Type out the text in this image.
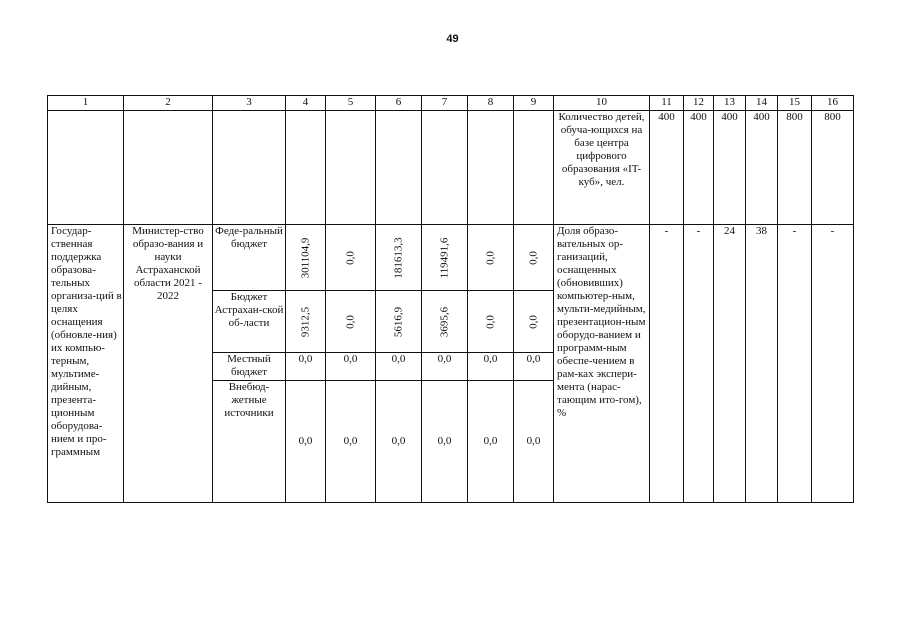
49
1	2	3	4	5	6	7	8	9	10	11	12	13	14	15	16
									Количество детей, обуча-ющихся на базе центра цифрового образования «IT-куб», чел.	400	400	400	400	800	800
Государ-ственная поддержка образова-тельных организа-ций в целях оснащения (обновле-ния) их компью-терным, мультиме-дийным, презента-ционным оборудова-нием и про-граммным	Министер-ство образо-вания и науки Астраханской области 2021 - 2022	Феде-ральный бюджет	301104,9	0,0	181613,3	119491,6	0,0	0,0	Доля образо-вательных ор-ганизаций, оснащенных (обновивших) компьютер-ным, мульти-медийным, презентацион-ным оборудо-ванием и программ-ным обеспе-чением в рам-ках экспери-мента (нарас-тающим ито-гом), %	-	-	24	38	-	-
		Бюджет Астрахан-ской об-ласти	9312,5	0,0	5616,9	3695,6	0,0	0,0							

		Местный бюджет	0,0	0,0	0,0	0,0	0,0	0,0							
		Внебюд-жетные источники	0,0	0,0	0,0	0,0	0,0	0,0							
